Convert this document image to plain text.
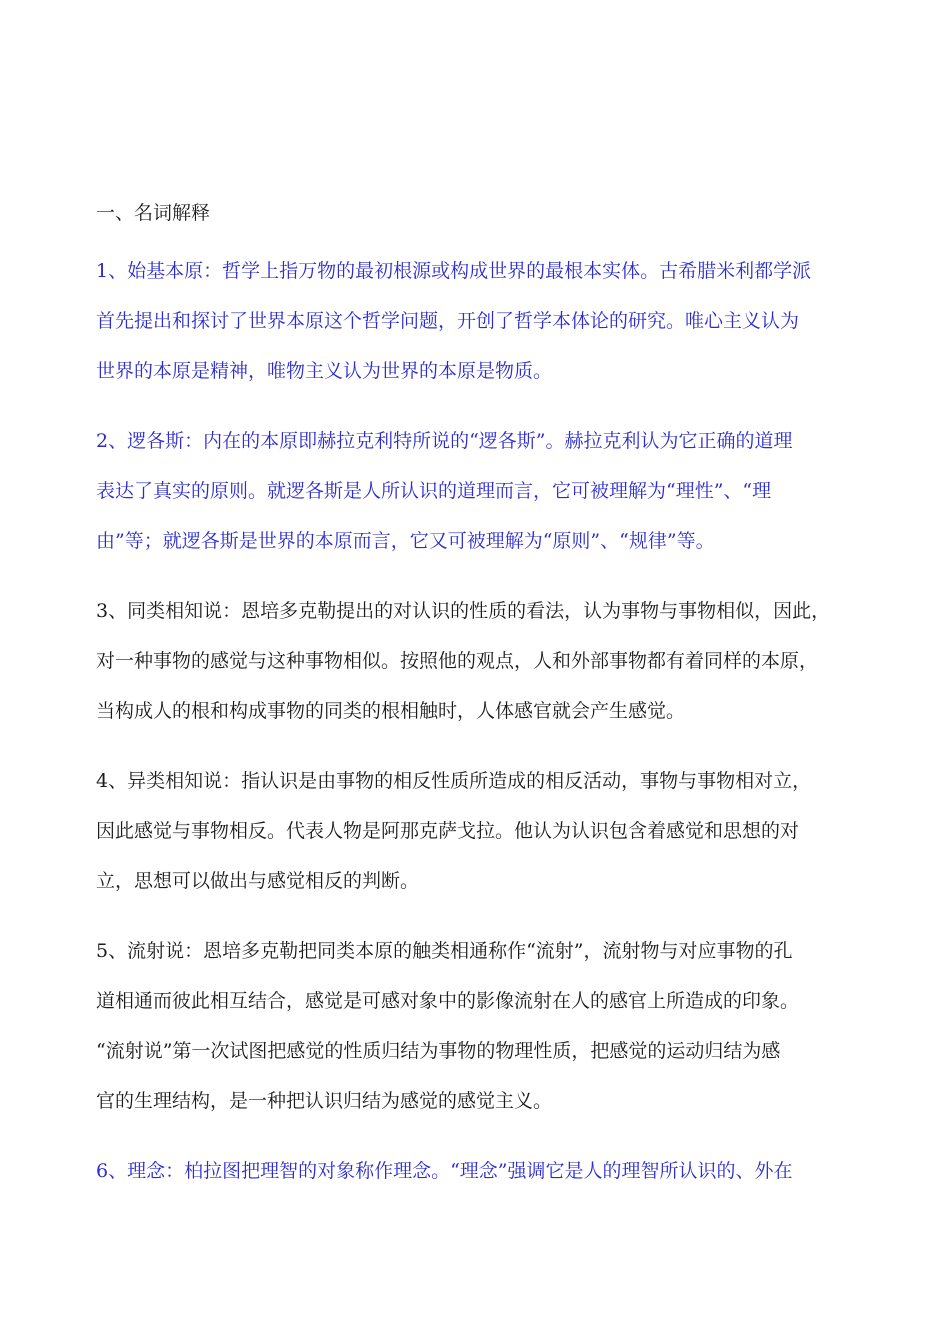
一、名词解释
1、始基本原：哲学上指万物的最初根源或构成世界的最根本实体。古希腊米利都学派
首先提出和探讨了世界本原这个哲学问题，开创了哲学本体论的研究。唯心主义认为
世界的本原是精神，唯物主义认为世界的本原是物质。
2、逻各斯：内在的本原即赫拉克利特所说的“逻各斯”。赫拉克利认为它正确的道理
表达了真实的原则。就逻各斯是人所认识的道理而言，它可被理解为“理性”、“理
由”等；就逻各斯是世界的本原而言，它又可被理解为“原则”、“规律”等。
3、同类相知说：恩培多克勒提出的对认识的性质的看法，认为事物与事物相似，因此，
对一种事物的感觉与这种事物相似。按照他的观点，人和外部事物都有着同样的本原，
当构成人的根和构成事物的同类的根相触时，人体感官就会产生感觉。
4、异类相知说：指认识是由事物的相反性质所造成的相反活动，事物与事物相对立，
因此感觉与事物相反。代表人物是阿那克萨戈拉。他认为认识包含着感觉和思想的对
立，思想可以做出与感觉相反的判断。
5、流射说：恩培多克勒把同类本原的触类相通称作“流射”，流射物与对应事物的孔
道相通而彼此相互结合，感觉是可感对象中的影像流射在人的感官上所造成的印象。
“流射说”第一次试图把感觉的性质归结为事物的物理性质，把感觉的运动归结为感
官的生理结构，是一种把认识归结为感觉的感觉主义。
6、理念：柏拉图把理智的对象称作理念。“理念”强调它是人的理智所认识的、外在
